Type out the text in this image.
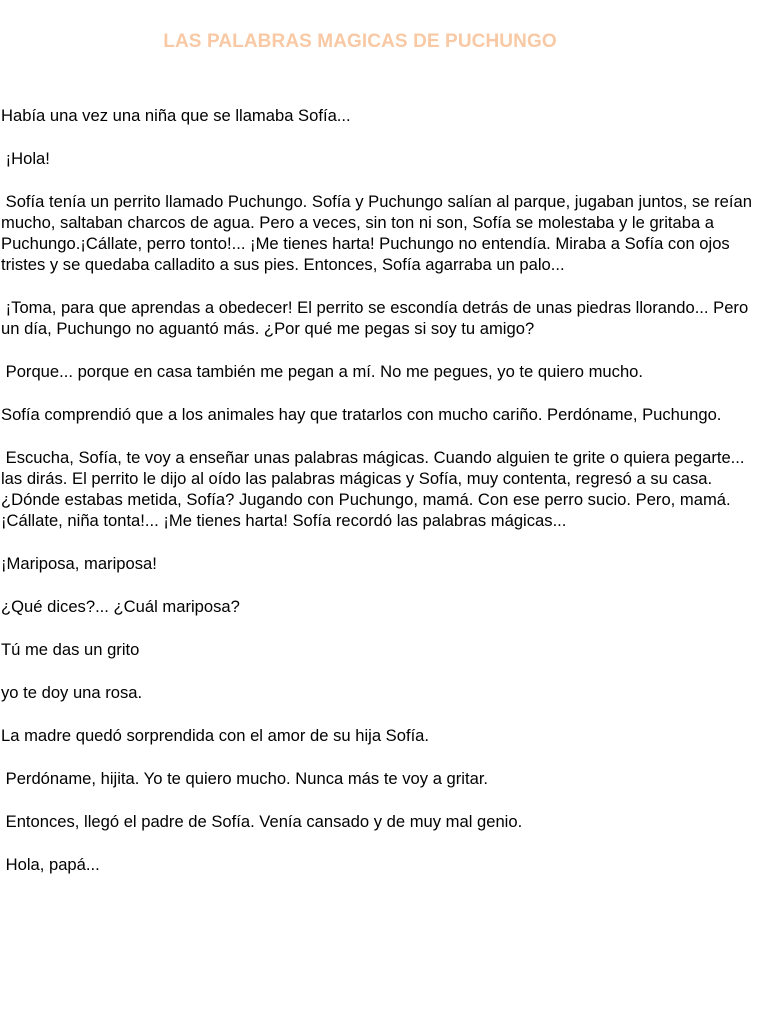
LAS PALABRAS MAGICAS DE PUCHUNGO

Había una vez una niña que se llamaba Sofía...

¡Hola!

Sofía tenía un perrito llamado Puchungo. Sofía y Puchungo salían al parque, jugaban juntos, se reían mucho, saltaban charcos de agua. Pero a veces, sin ton ni son, Sofía se molestaba y le gritaba a Puchungo.¡Cállate, perro tonto!... ¡Me tienes harta! Puchungo no entendía. Miraba a Sofía con ojos tristes y se quedaba calladito a sus pies. Entonces, Sofía agarraba un palo...

¡Toma, para que aprendas a obedecer! El perrito se escondía detrás de unas piedras llorando... Pero un día, Puchungo no aguantó más. ¿Por qué me pegas si soy tu amigo?

Porque... porque en casa también me pegan a mí. No me pegues, yo te quiero mucho.

Sofía comprendió que a los animales hay que tratarlos con mucho cariño. Perdóname, Puchungo.

Escucha, Sofía, te voy a enseñar unas palabras mágicas. Cuando alguien te grite o quiera pegarte... las dirás. El perrito le dijo al oído las palabras mágicas y Sofía, muy contenta, regresó a su casa. ¿Dónde estabas metida, Sofía? Jugando con Puchungo, mamá. Con ese perro sucio. Pero, mamá. ¡Cállate, niña tonta!... ¡Me tienes harta! Sofía recordó las palabras mágicas...

¡Mariposa, mariposa!

¿Qué dices?... ¿Cuál mariposa?

Tú me das un grito

yo te doy una rosa.

La madre quedó sorprendida con el amor de su hija Sofía.

Perdóname, hijita. Yo te quiero mucho. Nunca más te voy a gritar.

Entonces, llegó el padre de Sofía. Venía cansado y de muy mal genio.

Hola, papá...
